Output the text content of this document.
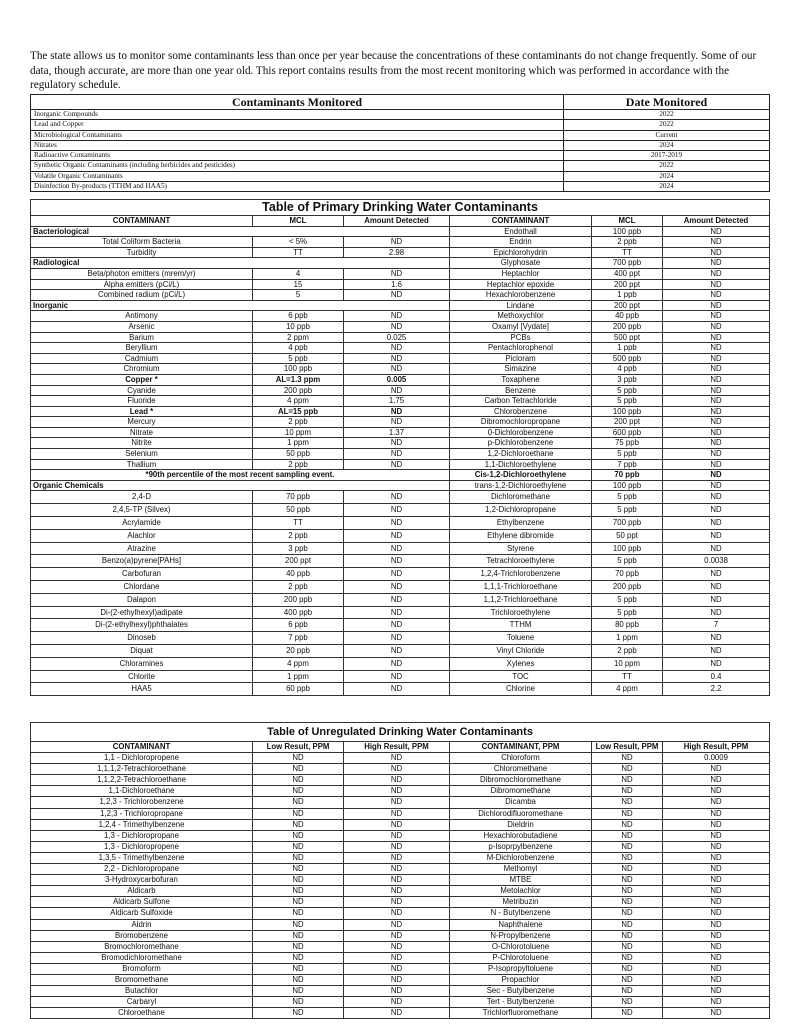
The state allows us to monitor some contaminants less than once per year because the concentrations of these contaminants do not change frequently. Some of our data, though accurate, are more than one year old. This report contains results from the most recent monitoring which was performed in accordance with the regulatory schedule.

Contaminants Monitored	Date Monitored
Inorganic Compounds	2022
Lead and Copper	2022
Microbiological Contaminants	Current
Nitrates	2024
Radioactive Contaminants	2017-2019
Synthetic Organic Contaminants (including herbicides and pesticides)	2022
Volatile Organic Contaminants	2024
Disinfection By-products (TTHM and HAA5)	2024
Table of Primary Drinking Water Contaminants					
CONTAMINANT	MCL	Amount Detected	CONTAMINANT	MCL	Amount Detected
Bacteriological			Endothall	100 ppb	ND
Total Coliform Bacteria	< 5%	ND	Endrin	2 ppb	ND
Turbidity	TT	2.98	Epichlorohydrin	TT	ND
Radiological			Glyphosate	700 ppb	ND
Beta/photon emitters (mrem/yr)	4	ND	Heptachlor	400 ppt	ND
Alpha emitters (pCi/L)	15	1.6	Heptachlor epoxide	200 ppt	ND
Combined radium (pCi/L)	5	ND	Hexachlorobenzene	1 ppb	ND
Inorganic			Lindane	200 ppt	ND
Antimony	6 ppb	ND	Methoxychlor	40 ppb	ND
Arsenic	10 ppb	ND	Oxamyl [Vydate]	200 ppb	ND
Barium	2 ppm	0.025	PCBs	500 ppt	ND
Beryllium	4 ppb	ND	Pentachlorophenol	1 ppb	ND
Cadmium	5 ppb	ND	Picloram	500 ppb	ND
Chromium	100 ppb	ND	Simazine	4 ppb	ND
Copper *	AL=1.3 ppm	0.005	Toxaphene	3 ppb	ND
Cyanide	200 ppb	ND	Benzene	5 ppb	ND
Fluoride	4 ppm	1.75	Carbon Tetrachloride	5 ppb	ND
Lead *	AL=15 ppb	ND	Chlorobenzene	100 ppb	ND
Mercury	2 ppb	ND	Dibromochloropropane	200 ppt	ND
Nitrate	10 ppm	1.37	0-Dichlorobenzene	600 ppb	ND
Nitrite	1 ppm	ND	p-Dichlorobenzene	75 ppb	ND
Selenium	50 ppb	ND	1,2-Dichloroethane	5 ppb	ND
Thallium	2 ppb	ND	1,1-Dichloroethylene	7 ppb	ND
*90th percentile of the most recent sampling event.			Cis-1,2-Dichloroethylene	70 ppb	ND
Organic Chemicals			trans-1,2-Dichloroethylene	100 ppb	ND
2,4-D	70 ppb	ND	Dichloromethane	5 ppb	ND
2,4,5-TP (Silvex)	50 ppb	ND	1,2-Dichloropropane	5 ppb	ND
Acrylamide	TT	ND	Ethylbenzene	700 ppb	ND
Alachlor	2 ppb	ND	Ethylene dibromide	50 ppt	ND
Atrazine	3 ppb	ND	Styrene	100 ppb	ND
Benzo(a)pyrene[PAHs]	200 ppt	ND	Tetrachloroethylene	5 ppb	0.0038
Carbofuran	40 ppb	ND	1,2,4-Trichlorobenzene	70 ppb	ND
Chlordane	2 ppb	ND	1,1,1-Trichloroethane	200 ppb	ND
Dalapon	200 ppb	ND	1,1,2-Trichloroethane	5 ppb	ND
Di-(2-ethylhexyl)adipate	400 ppb	ND	Trichloroethylene	5 ppb	ND
Di-(2-ethylhexyl)phthalates	6 ppb	ND	TTHM	80 ppb	7
Dinoseb	7 ppb	ND	Toluene	1 ppm	ND
Diquat	20 ppb	ND	Vinyl Chloride	2 ppb	ND
Chloramines	4 ppm	ND	Xylenes	10 ppm	ND
Chlorite	1 ppm	ND	TOC	TT	0.4
HAA5	60 ppb	ND	Chlorine	4 ppm	2.2
Table of Unregulated Drinking Water Contaminants					
CONTAMINANT	Low Result, PPM	High Result, PPM	CONTAMINANT, PPM	Low Result, PPM	High Result, PPM
1,1 - Dichloropropene	ND	ND	Chloroform	ND	0.0009
1,1,1,2-Tetrachloroethane	ND	ND	Chloromethane	ND	ND
1,1,2,2-Tetrachloroethane	ND	ND	Dibromochloromethane	ND	ND
1,1-Dichloroethane	ND	ND	Dibromomethane	ND	ND
1,2,3 - Trichlorobenzene	ND	ND	Dicamba	ND	ND
1,2,3 - Trichloropropane	ND	ND	Dichlorodifluoromethane	ND	ND
1,2,4 - Trimethylbenzene	ND	ND	Dieldrin	ND	ND
1,3 - Dichloropropane	ND	ND	Hexachlorobutadiene	ND	ND
1,3 - Dichloropropene	ND	ND	p-Isoprpylbenzene	ND	ND
1,3,5 - Trimethylbenzene	ND	ND	M-Dichlorobenzene	ND	ND
2,2 - Dichloropropane	ND	ND	Methomyl	ND	ND
3-Hydroxycarbofuran	ND	ND	MTBE	ND	ND
Aldicarb	ND	ND	Metolachlor	ND	ND
Aldicarb Sulfone	ND	ND	Metribuzin	ND	ND
Aldicarb Sulfoxide	ND	ND	N - Butylbenzene	ND	ND
Aldrin	ND	ND	Naphthalene	ND	ND
Bromobenzene	ND	ND	N-Propylbenzene	ND	ND
Bromochloromethane	ND	ND	O-Chlorotoluene	ND	ND
Bromodichloromethane	ND	ND	P-Chlorotoluene	ND	ND
Bromoform	ND	ND	P-Isopropyltoluene	ND	ND
Bromomethane	ND	ND	Propachlor	ND	ND
Butachlor	ND	ND	Sec - Butylbenzene	ND	ND
Carbaryl	ND	ND	Tert - Butylbenzene	ND	ND
Chloroethane	ND	ND	Trichlorfluoromethane	ND	ND
